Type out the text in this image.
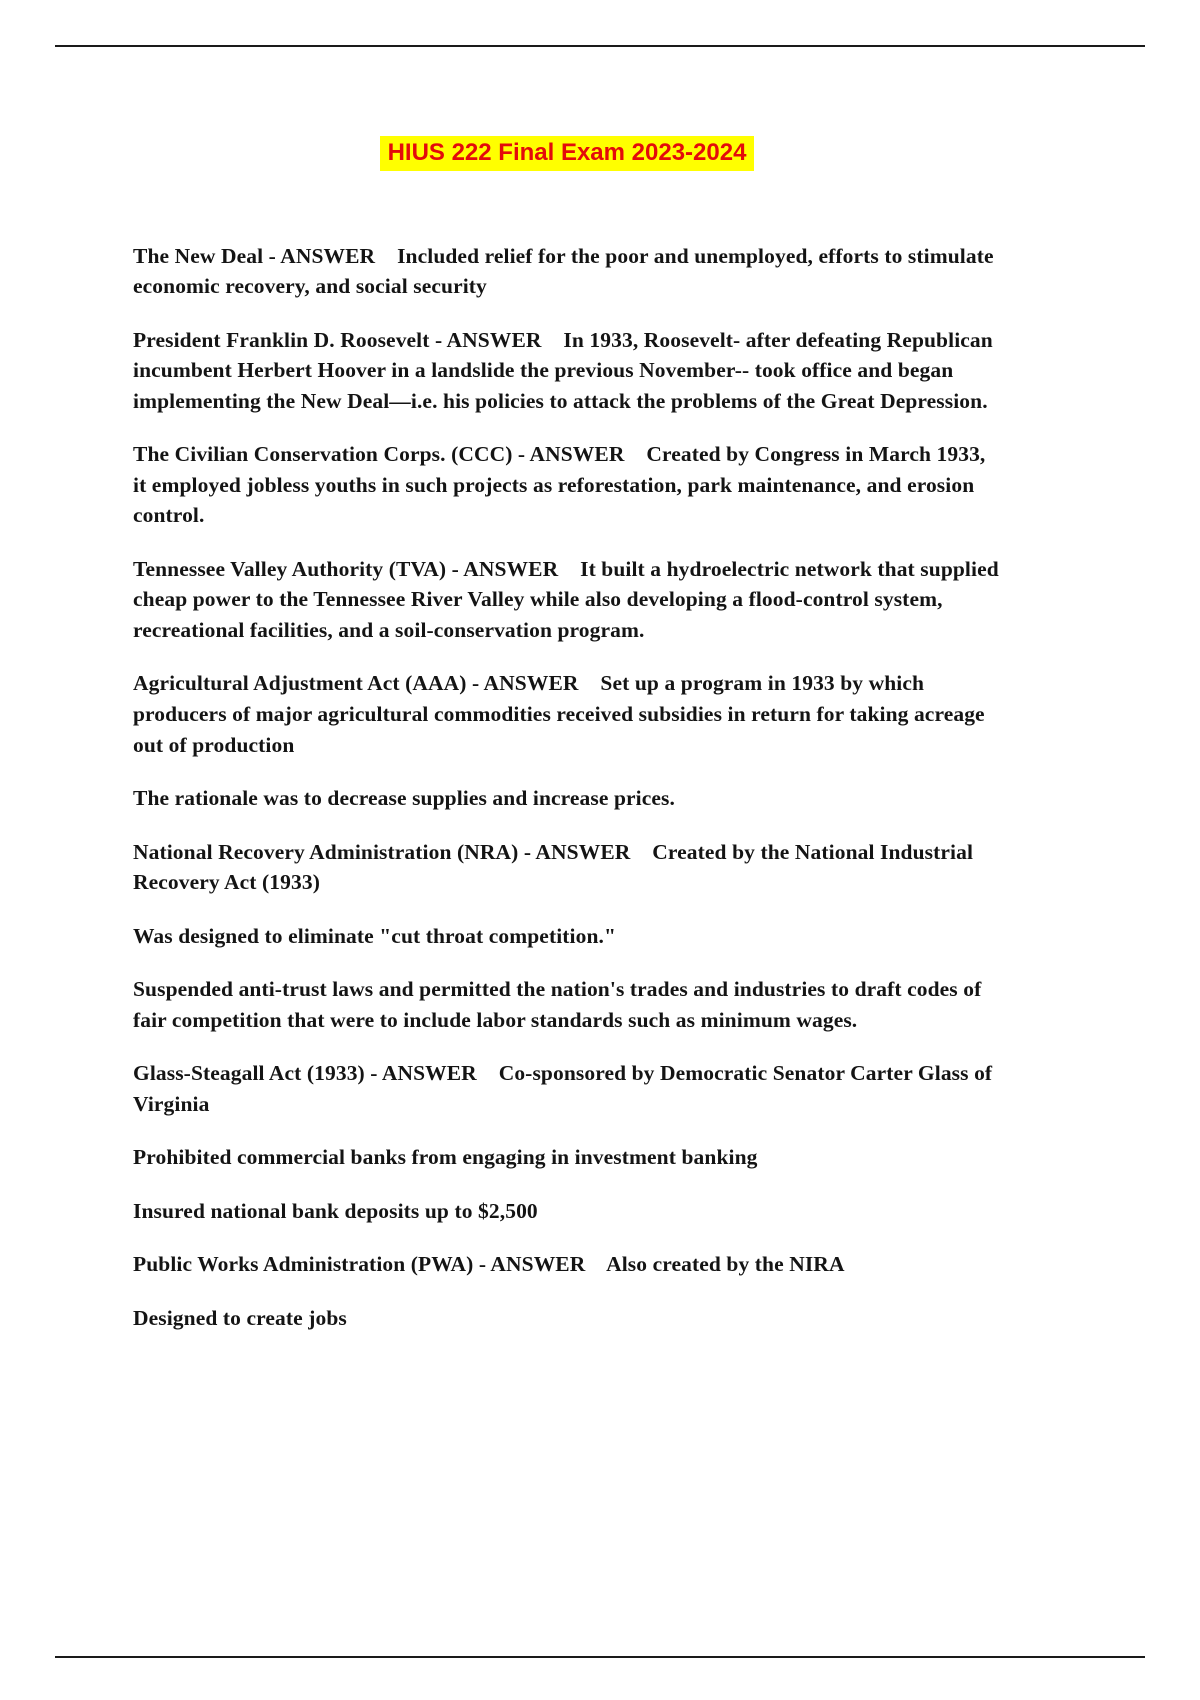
HIUS 222 Final Exam 2023-2024

The New Deal - ANSWER    Included relief for the poor and unemployed, efforts to stimulate economic recovery, and social security

President Franklin D. Roosevelt - ANSWER    In 1933, Roosevelt- after defeating Republican incumbent Herbert Hoover in a landslide the previous November-- took office and began implementing the New Deal—i.e. his policies to attack the problems of the Great Depression.

The Civilian Conservation Corps. (CCC) - ANSWER    Created by Congress in March 1933, it employed jobless youths in such projects as reforestation, park maintenance, and erosion control.

Tennessee Valley Authority (TVA) - ANSWER    It built a hydroelectric network that supplied cheap power to the Tennessee River Valley while also developing a flood-control system, recreational facilities, and a soil-conservation program.

Agricultural Adjustment Act (AAA) - ANSWER    Set up a program in 1933 by which producers of major agricultural commodities received subsidies in return for taking acreage out of production

The rationale was to decrease supplies and increase prices.

National Recovery Administration (NRA) - ANSWER    Created by the National Industrial Recovery Act (1933)

Was designed to eliminate "cut throat competition."

Suspended anti-trust laws and permitted the nation's trades and industries to draft codes of fair competition that were to include labor standards such as minimum wages.

Glass-Steagall Act (1933) - ANSWER    Co-sponsored by Democratic Senator Carter Glass of Virginia

Prohibited commercial banks from engaging in investment banking

Insured national bank deposits up to $2,500

Public Works Administration (PWA) - ANSWER    Also created by the NIRA

Designed to create jobs
